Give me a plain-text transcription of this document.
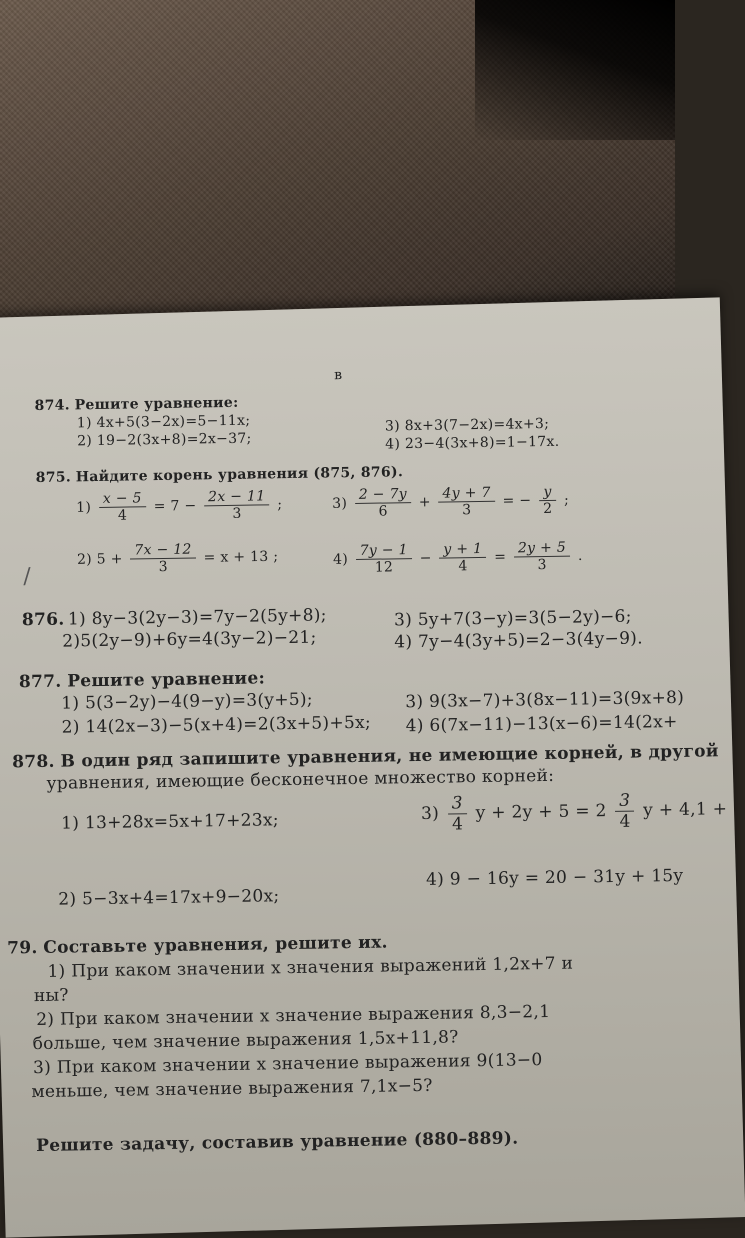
в
874. Решите уравнение:
1) 4x+5(3−2x)=5−11x;
2) 19−2(3x+8)=2x−37;
3) 8x+3(7−2x)=4x+3;
4) 23−4(3x+8)=1−17x.
875. Найдите корень уравнения (875, 876).
$1) \frac{x - 5}{4} = 7 - \frac{2x - 11}{3}$ ;	$3) \frac{2 - 7y}{6} + \frac{4y + 7}{3}$ = − $\frac{y}{2}$ ;
2) $5 + \frac{7x - 12}{3} = x + 13$ ;	$4) \frac{7y - 1}{12} - \frac{y + 1}{4} = \frac{2y + 5}{3}$ .
/
876. 1) 8y−3(2y−3)=7y−2(5y+8);
2)5(2y−9)+6y=4(3y−2)−21;
3) 5y+7(3−y)=3(5−2y)−6;
4) 7y−4(3y+5)=2−3(4y−9).
877. Решите уравнение:
1) 5(3−2y)−4(9−y)=3(y+5);
2) 14(2x−3)−5(x+4)=2(3x+5)+5x;
3) 9(3x−7)+3(8x−11)=3(9x+8)
4) 6(7x−11)−13(x−6)=14(2x+
878. В один ряд запишите уравнения, не имеющие корней, в другой
уравнения, имеющие бесконечное множество корней:
1) 13+28x=5x+17+23x;	$3) \frac{3}{4}$ $y + 2y + 5 = 2 \frac{3}{4}$ y + 4,1 +
2) 5−3x+4=17x+9−20x;
4) 9 − 16y = 20 − 31y + 15y
79. Составьте уравнения, решите их.
1) При каком значении x значения выражений 1,2x+7 и
ны?
2) При каком значении x значение выражения 8,3−2,1
больше, чем значение выражения 1,5x+11,8?
3) При каком значении x значение выражения 9(13−0
меньше, чем значение выражения 7,1x−5?
Решите задачу, составив уравнение (880–889).
